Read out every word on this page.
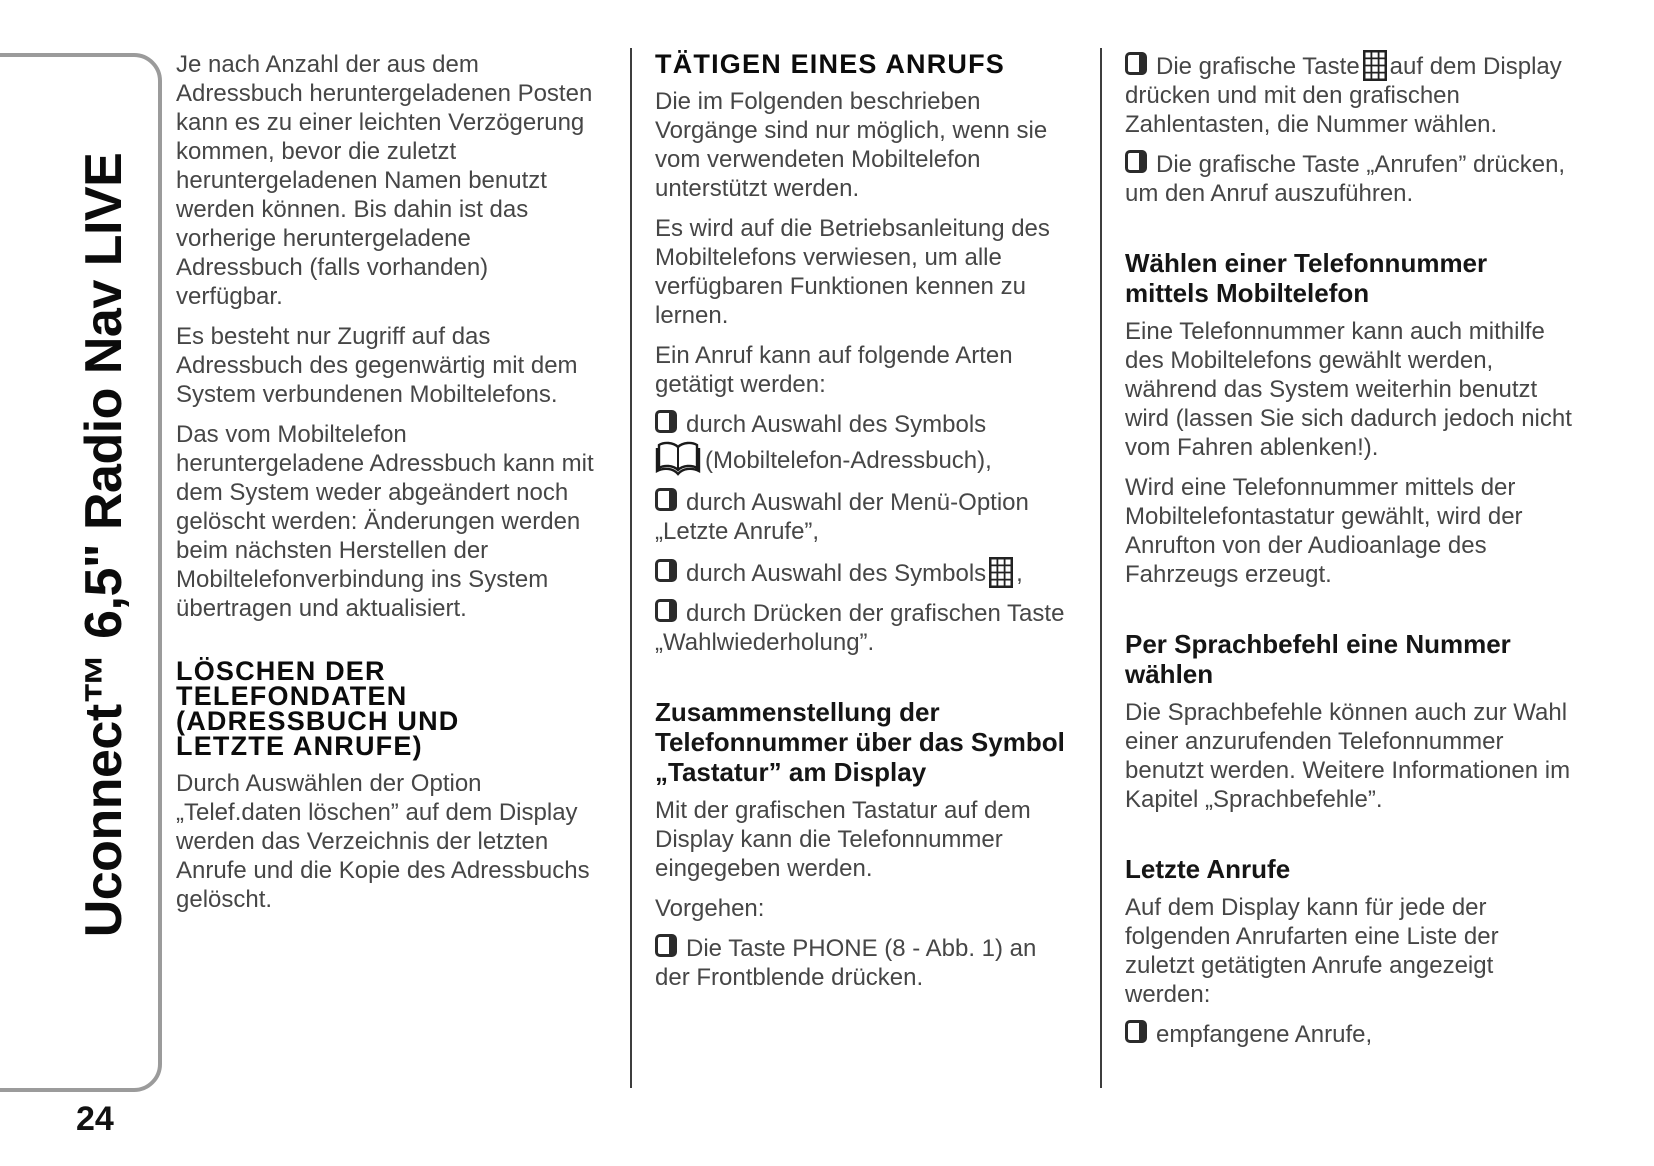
Uconnect™ 6,5" Radio Nav LIVE
24

Je nach Anzahl der aus dem Adressbuch heruntergeladenen Posten kann es zu einer leichten Verzögerung kommen, bevor die zuletzt heruntergeladenen Namen benutzt werden können. Bis dahin ist das vorherige heruntergeladene Adressbuch (falls vorhanden) verfügbar.

Es besteht nur Zugriff auf das Adressbuch des gegenwärtig mit dem System verbundenen Mobiltelefons.

Das vom Mobiltelefon heruntergeladene Adressbuch kann mit dem System weder abgeändert noch gelöscht werden: Änderungen werden beim nächsten Herstellen der Mobiltelefonverbindung ins System übertragen und aktualisiert.

LÖSCHEN DER
TELEFONDATEN
(ADRESSBUCH UND
LETZTE ANRUFE)

Durch Auswählen der Option „Telef.daten löschen” auf dem Display werden das Verzeichnis der letzten Anrufe und die Kopie des Adressbuchs gelöscht.

TÄTIGEN EINES ANRUFS

Die im Folgenden beschrieben Vorgänge sind nur möglich, wenn sie vom verwendeten Mobiltelefon unterstützt werden.

Es wird auf die Betriebsanleitung des Mobiltelefons verwiesen, um alle verfügbaren Funktionen kennen zu lernen.

Ein Anruf kann auf folgende Arten getätigt werden:

durch Auswahl des Symbols (Mobiltelefon-Adressbuch),
durch Auswahl der Menü-Option „Letzte Anrufe”,
durch Auswahl des Symbols ,
durch Drücken der grafischen Taste „Wahlwiederholung”.
Zusammenstellung der Telefonnummer über das Symbol „Tastatur” am Display

Mit der grafischen Tastatur auf dem Display kann die Telefonnummer eingegeben werden.

Vorgehen:

Die Taste PHONE (8 - Abb. 1) an der Frontblende drücken.
Die grafische Taste auf dem Display drücken und mit den grafischen Zahlentasten, die Nummer wählen.
Die grafische Taste „Anrufen” drücken, um den Anruf auszuführen.
Wählen einer Telefonnummer mittels Mobiltelefon

Eine Telefonnummer kann auch mithilfe des Mobiltelefons gewählt werden, während das System weiterhin benutzt wird (lassen Sie sich dadurch jedoch nicht vom Fahren ablenken!).

Wird eine Telefonnummer mittels der Mobiltelefontastatur gewählt, wird der Anrufton von der Audioanlage des Fahrzeugs erzeugt.

Per Sprachbefehl eine Nummer wählen

Die Sprachbefehle können auch zur Wahl einer anzurufenden Telefonnummer benutzt werden. Weitere Informationen im Kapitel „Sprachbefehle”.

Letzte Anrufe

Auf dem Display kann für jede der folgenden Anrufarten eine Liste der zuletzt getätigten Anrufe angezeigt werden:

empfangene Anrufe,
